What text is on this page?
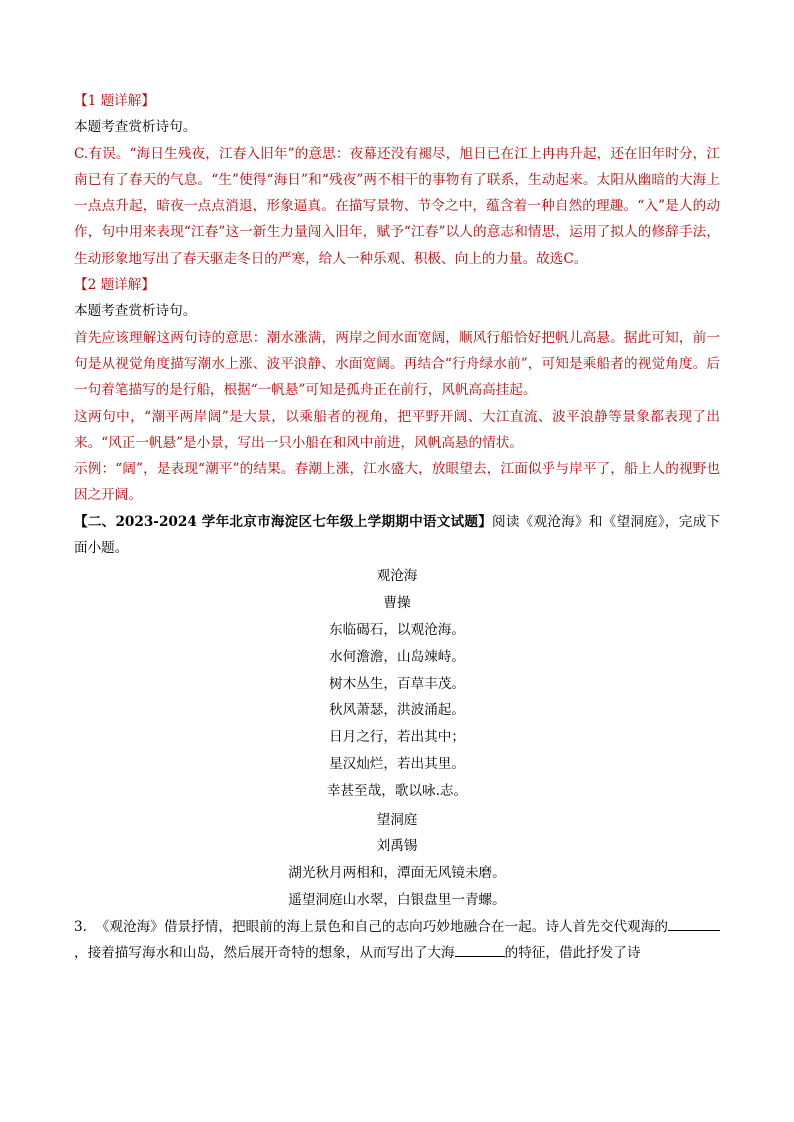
【1 题详解】

本题考查赏析诗句。

C.有误。“海日生残夜，江春入旧年”的意思：夜幕还没有褪尽，旭日已在江上冉冉升起，还在旧年时分，江南已有了春天的气息。“生”使得“海日”和“残夜”两不相干的事物有了联系，生动起来。太阳从幽暗的大海上一点点升起，暗夜一点点消退，形象逼真。在描写景物、节令之中，蕴含着一种自然的理趣。“入”是人的动作，句中用来表现“江春”这一新生力量闯入旧年，赋予“江春”以人的意志和情思，运用了拟人的修辞手法，生动形象地写出了春天驱走冬日的严寒，给人一种乐观、积极、向上的力量。故选C。

【2 题详解】

本题考查赏析诗句。

首先应该理解这两句诗的意思：潮水涨满，两岸之间水面宽阔，顺风行船恰好把帆儿高悬。据此可知，前一句是从视觉角度描写潮水上涨、波平浪静、水面宽阔。再结合“行舟绿水前”，可知是乘船者的视觉角度。后一句着笔描写的是行船，根据“一帆悬”可知是孤舟正在前行，风帆高高挂起。

这两句中，“潮平两岸阔”是大景，以乘船者的视角，把平野开阔、大江直流、波平浪静等景象都表现了出来。“风正一帆悬”是小景，写出一只小船在和风中前进，风帆高悬的情状。

示例：“阔”，是表现“潮平”的结果。春潮上涨，江水盛大，放眼望去，江面似乎与岸平了，船上人的视野也因之开阔。

【二、2023-2024 学年北京市海淀区七年级上学期期中语文试题】阅读《观沧海》和《望洞庭》，完成下面小题。

观沧海

曹操

东临碣石，以观沧海。

水何澹澹，山岛竦峙。

树木丛生，百草丰茂。

秋风萧瑟，洪波涌起。

日月之行，若出其中；

星汉灿烂，若出其里。

幸甚至哉，歌以咏.志。

望洞庭

刘禹锡

湖光秋月两相和，潭面无风镜未磨。

遥望洞庭山水翠，白银盘里一青螺。

3. 《观沧海》借景抒情，把眼前的海上景色和自己的志向巧妙地融合在一起。诗人首先交代观海的，接着描写海水和山岛，然后展开奇特的想象，从而写出了大海	的特征，借此抒发了诗
